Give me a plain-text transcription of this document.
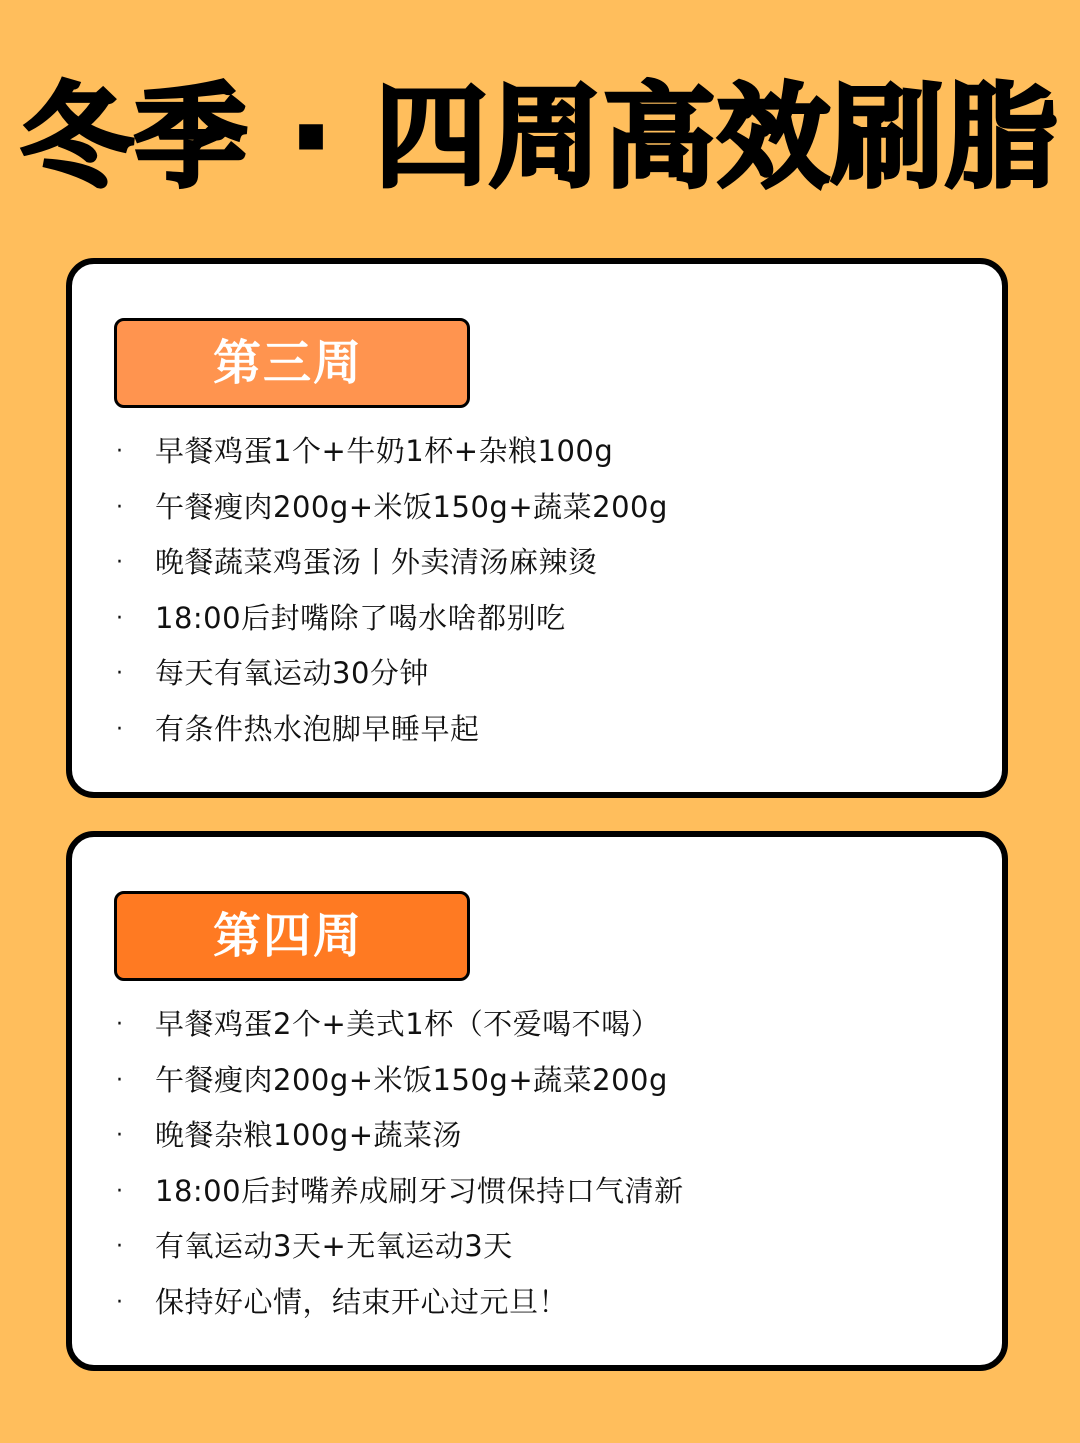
冬季 · 四周高效刷脂
第三周
· 早餐鸡蛋1个+牛奶1杯+杂粮100g
· 午餐瘦肉200g+米饭150g+蔬菜200g
· 晚餐蔬菜鸡蛋汤丨外卖清汤麻辣烫
· 18:00后封嘴除了喝水啥都别吃
· 每天有氧运动30分钟
· 有条件热水泡脚早睡早起
第四周
· 早餐鸡蛋2个+美式1杯（不爱喝不喝）
· 午餐瘦肉200g+米饭150g+蔬菜200g
· 晚餐杂粮100g+蔬菜汤
· 18:00后封嘴养成刷牙习惯保持口气清新
· 有氧运动3天+无氧运动3天
· 保持好心情，结束开心过元旦！
